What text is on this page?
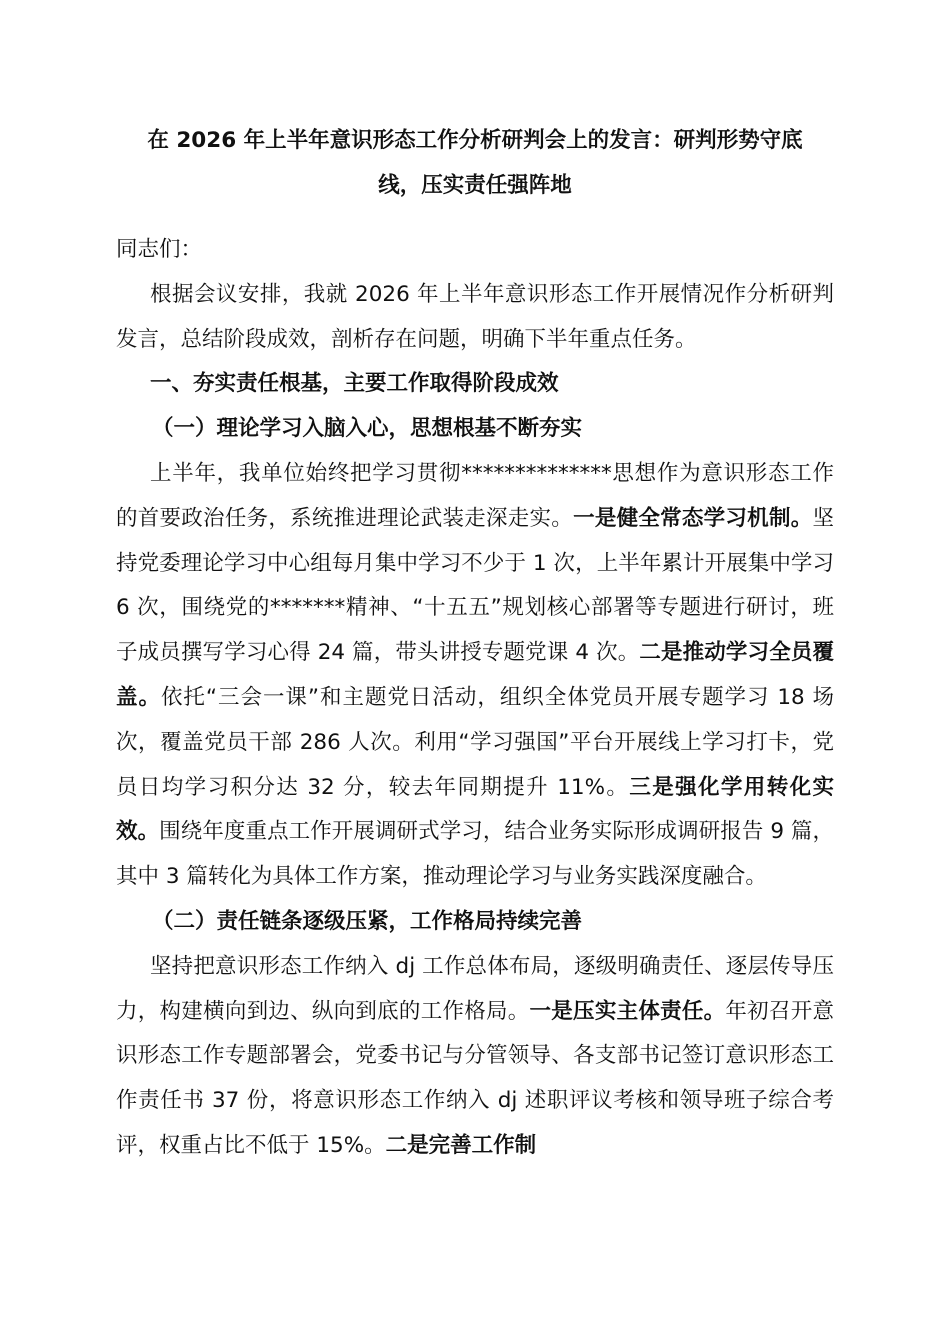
在 2026 年上半年意识形态工作分析研判会上的发言：研判形势守底
线，压实责任强阵地

同志们：

根据会议安排，我就 2026 年上半年意识形态工作开展情况作分析研判发言，总结阶段成效，剖析存在问题，明确下半年重点任务。

一、夯实责任根基，主要工作取得阶段成效

（一）理论学习入脑入心，思想根基不断夯实

上半年，我单位始终把学习贯彻**************思想作为意识形态工作的首要政治任务，系统推进理论武装走深走实。一是健全常态学习机制。坚持党委理论学习中心组每月集中学习不少于 1 次，上半年累计开展集中学习 6 次，围绕党的*******精神、“十五五”规划核心部署等专题进行研讨，班子成员撰写学习心得 24 篇，带头讲授专题党课 4 次。二是推动学习全员覆盖。依托“三会一课”和主题党日活动，组织全体党员开展专题学习 18 场次，覆盖党员干部 286 人次。利用“学习强国”平台开展线上学习打卡，党员日均学习积分达 32 分，较去年同期提升 11%。三是强化学用转化实效。围绕年度重点工作开展调研式学习，结合业务实际形成调研报告 9 篇，其中 3 篇转化为具体工作方案，推动理论学习与业务实践深度融合。

（二）责任链条逐级压紧，工作格局持续完善

坚持把意识形态工作纳入 dj 工作总体布局，逐级明确责任、逐层传导压力，构建横向到边、纵向到底的工作格局。一是压实主体责任。年初召开意识形态工作专题部署会，党委书记与分管领导、各支部书记签订意识形态工作责任书 37 份，将意识形态工作纳入 dj 述职评议考核和领导班子综合考评，权重占比不低于 15%。二是完善工作制
